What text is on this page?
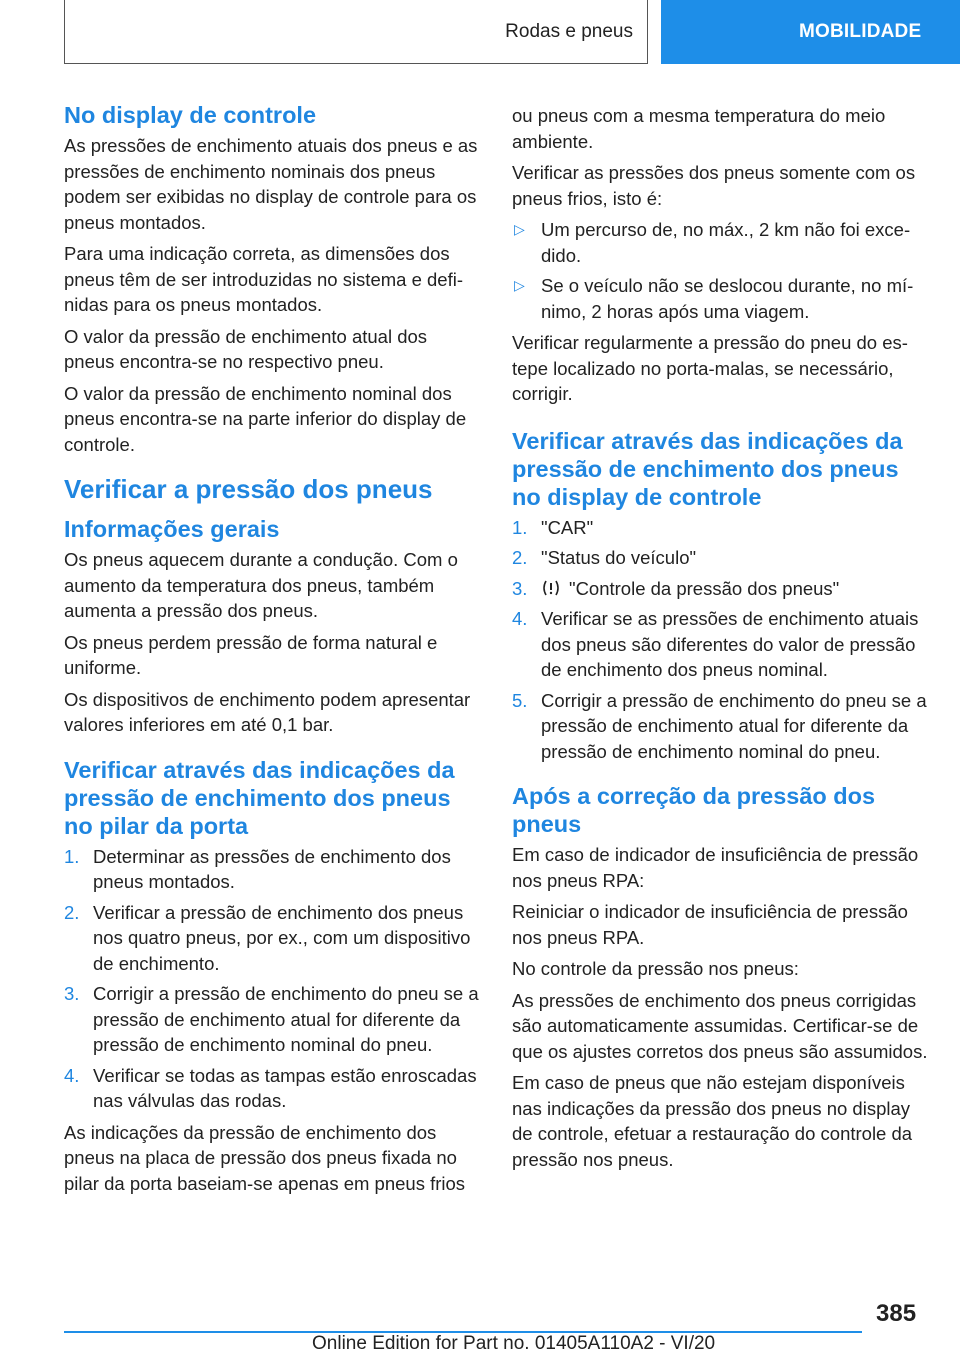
Rodas e pneus	MOBILIDADE
No display de controle

As pressões de enchimento atuais dos pneus e as pressões de enchimento nominais dos pneus podem ser exibidas no display de controle para os pneus montados.

Para uma indicação correta, as dimensões dos pneus têm de ser introduzidas no sistema e definidas para os pneus montados.

O valor da pressão de enchimento atual dos pneus encontra-se no respectivo pneu.

O valor da pressão de enchimento nominal dos pneus encontra-se na parte inferior do display de controle.

Verificar a pressão dos pneus
Informações gerais

Os pneus aquecem durante a condução. Com o aumento da temperatura dos pneus, também aumenta a pressão dos pneus.

Os pneus perdem pressão de forma natural e uniforme.

Os dispositivos de enchimento podem apresentar valores inferiores em até 0,1 bar.

Verificar através das indicações da pressão de enchimento dos pneus no pilar da porta
1. Determinar as pressões de enchimento dos pneus montados.
2. Verificar a pressão de enchimento dos pneus nos quatro pneus, por ex., com um dispositivo de enchimento.
3. Corrigir a pressão de enchimento do pneu se a pressão de enchimento atual for diferente da pressão de enchimento nominal do pneu.
4. Verificar se todas as tampas estão enroscadas nas válvulas das rodas.

As indicações da pressão de enchimento dos pneus na placa de pressão dos pneus fixada no pilar da porta baseiam-se apenas em pneus frios

ou pneus com a mesma temperatura do meio ambiente.

Verificar as pressões dos pneus somente com os pneus frios, isto é:

▷ Um percurso de, no máx., 2 km não foi excedido.
▷ Se o veículo não se deslocou durante, no mínimo, 2 horas após uma viagem.

Verificar regularmente a pressão do pneu do estepe localizado no porta-malas, se necessário, corrigir.

Verificar através das indicações da pressão de enchimento dos pneus no display de controle
1. "CAR"
2. "Status do veículo"
3. "Controle da pressão dos pneus"
4. Verificar se as pressões de enchimento atuais dos pneus são diferentes do valor de pressão de enchimento dos pneus nominal.
5. Corrigir a pressão de enchimento do pneu se a pressão de enchimento atual for diferente da pressão de enchimento nominal do pneu.
Após a correção da pressão dos pneus

Em caso de indicador de insuficiência de pressão nos pneus RPA:

Reiniciar o indicador de insuficiência de pressão nos pneus RPA.

No controle da pressão nos pneus:

As pressões de enchimento dos pneus corrigidas são automaticamente assumidas. Certificar-se de que os ajustes corretos dos pneus são assumidos.

Em caso de pneus que não estejam disponíveis nas indicações da pressão dos pneus no display de controle, efetuar a restauração do controle da pressão nos pneus.

385
Online Edition for Part no. 01405A110A2 - VI/20
